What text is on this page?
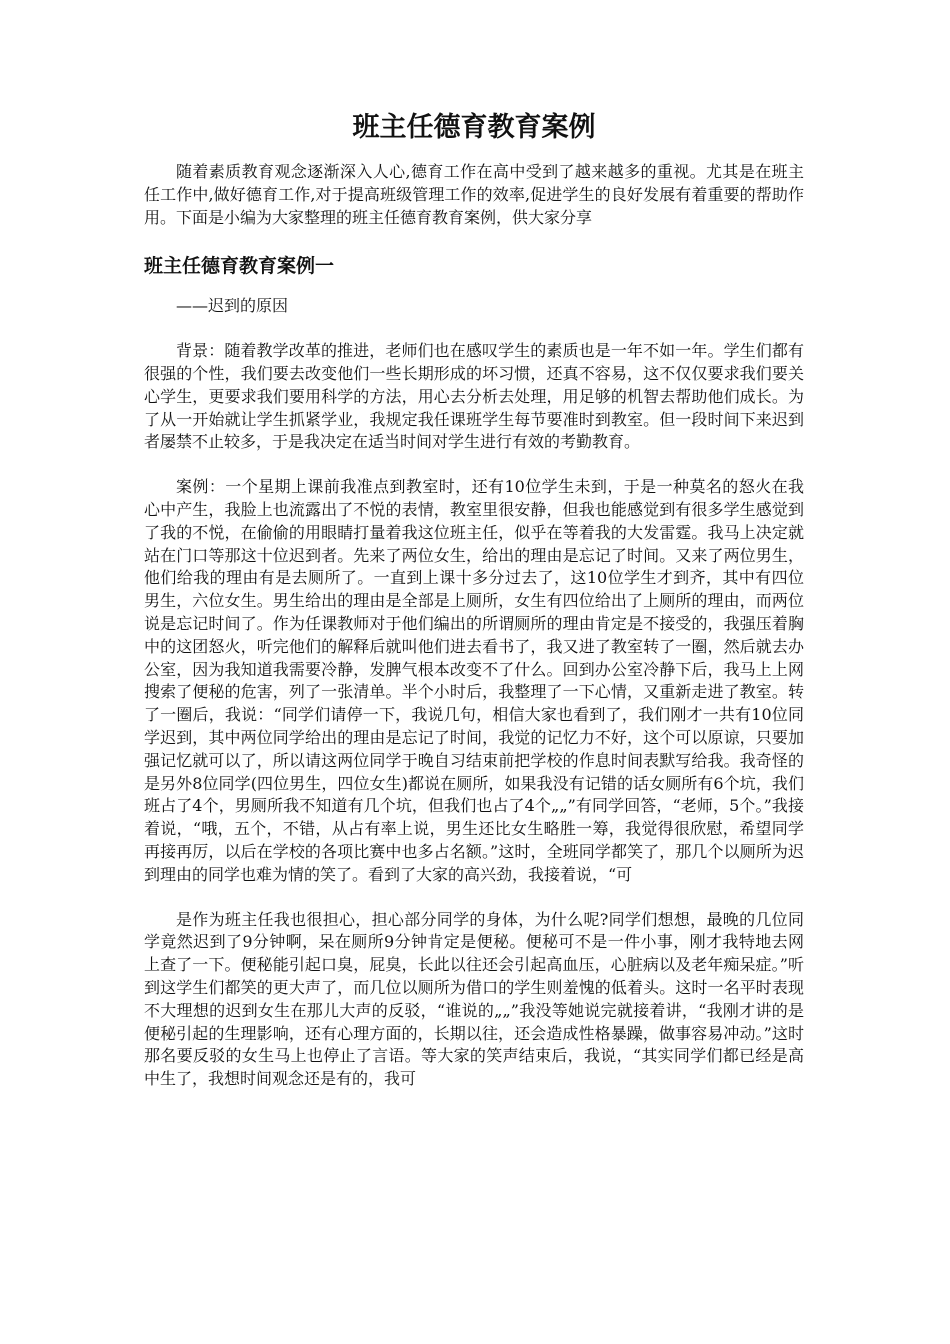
班主任德育教育案例

随着素质教育观念逐渐深入人心,德育工作在高中受到了越来越多的重视。尤其是在班主任工作中,做好德育工作,对于提高班级管理工作的效率,促进学生的良好发展有着重要的帮助作用。下面是小编为大家整理的班主任德育教育案例，供大家分享

班主任德育教育案例一

——迟到的原因

背景：随着教学改革的推进，老师们也在感叹学生的素质也是一年不如一年。学生们都有很强的个性，我们要去改变他们一些长期形成的坏习惯，还真不容易，这不仅仅要求我们要关心学生，更要求我们要用科学的方法，用心去分析去处理，用足够的机智去帮助他们成长。为了从一开始就让学生抓紧学业，我规定我任课班学生每节要准时到教室。但一段时间下来迟到者屡禁不止较多，于是我决定在适当时间对学生进行有效的考勤教育。

案例：一个星期上课前我准点到教室时，还有10位学生未到，于是一种莫名的怒火在我心中产生，我脸上也流露出了不悦的表情，教室里很安静，但我也能感觉到有很多学生感觉到了我的不悦，在偷偷的用眼睛打量着我这位班主任，似乎在等着我的大发雷霆。我马上决定就站在门口等那这十位迟到者。先来了两位女生，给出的理由是忘记了时间。又来了两位男生，他们给我的理由有是去厕所了。一直到上课十多分过去了，这10位学生才到齐，其中有四位男生，六位女生。男生给出的理由是全部是上厕所，女生有四位给出了上厕所的理由，而两位说是忘记时间了。作为任课教师对于他们编出的所谓厕所的理由肯定是不接受的，我强压着胸中的这团怒火，听完他们的解释后就叫他们进去看书了，我又进了教室转了一圈，然后就去办公室，因为我知道我需要冷静，发脾气根本改变不了什么。回到办公室冷静下后，我马上上网搜索了便秘的危害，列了一张清单。半个小时后，我整理了一下心情，又重新走进了教室。转了一圈后，我说：“同学们请停一下，我说几句，相信大家也看到了，我们刚才一共有10位同学迟到，其中两位同学给出的理由是忘记了时间，我觉的记忆力不好，这个可以原谅，只要加强记忆就可以了，所以请这两位同学于晚自习结束前把学校的作息时间表默写给我。我奇怪的是另外8位同学(四位男生，四位女生)都说在厕所，如果我没有记错的话女厕所有6个坑，我们班占了4个，男厕所我不知道有几个坑，但我们也占了4个„„”有同学回答，“老师，5个。”我接着说，“哦，五个，不错，从占有率上说，男生还比女生略胜一筹，我觉得很欣慰，希望同学再接再厉，以后在学校的各项比赛中也多占名额。”这时，全班同学都笑了，那几个以厕所为迟到理由的同学也难为情的笑了。看到了大家的高兴劲，我接着说，“可

是作为班主任我也很担心，担心部分同学的身体，为什么呢?同学们想想，最晚的几位同学竟然迟到了9分钟啊，呆在厕所9分钟肯定是便秘。便秘可不是一件小事，刚才我特地去网上查了一下。便秘能引起口臭，屁臭，长此以往还会引起高血压，心脏病以及老年痴呆症。”听到这学生们都笑的更大声了，而几位以厕所为借口的学生则羞愧的低着头。这时一名平时表现不大理想的迟到女生在那儿大声的反驳，“谁说的„„”我没等她说完就接着讲，“我刚才讲的是便秘引起的生理影响，还有心理方面的，长期以往，还会造成性格暴躁，做事容易冲动。”这时那名要反驳的女生马上也停止了言语。等大家的笑声结束后，我说，“其实同学们都已经是高中生了，我想时间观念还是有的，我可
